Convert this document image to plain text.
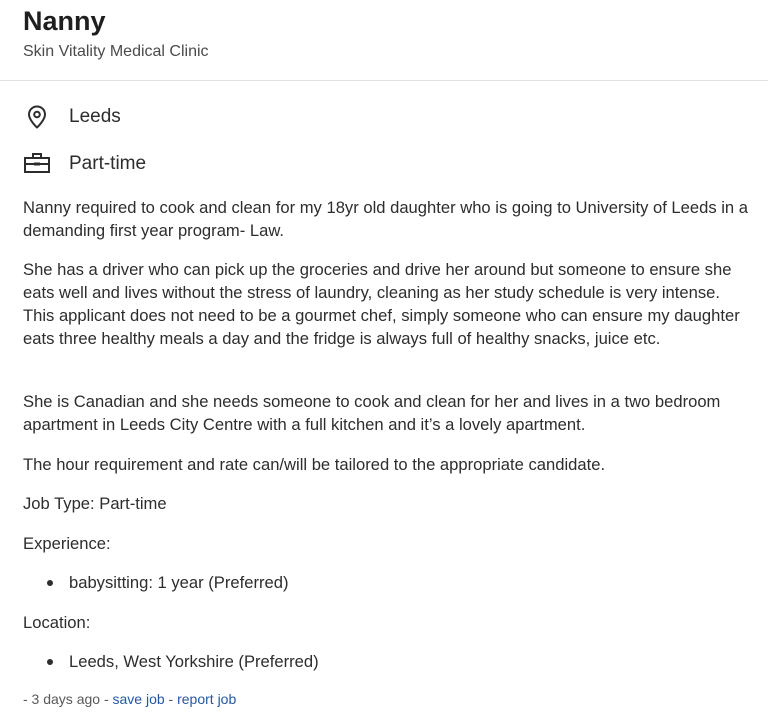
Nanny
Skin Vitality Medical Clinic
Leeds
Part-time

Nanny required to cook and clean for my 18yr old daughter who is going to University of Leeds in a demanding first year program- Law.

She has a driver who can pick up the groceries and drive her around but someone to ensure she eats well and lives without the stress of laundry, cleaning as her study schedule is very intense. This applicant does not need to be a gourmet chef, simply someone who can ensure my daughter eats three healthy meals a day and the fridge is always full of healthy snacks, juice etc.

She is Canadian and she needs someone to cook and clean for her and lives in a two bedroom apartment in Leeds City Centre with a full kitchen and it’s a lovely apartment.

The hour requirement and rate can/will be tailored to the appropriate candidate.

Job Type: Part-time

Experience:

babysitting: 1 year (Preferred)

Location:

Leeds, West Yorkshire (Preferred)
- 3 days ago - save job - report job
